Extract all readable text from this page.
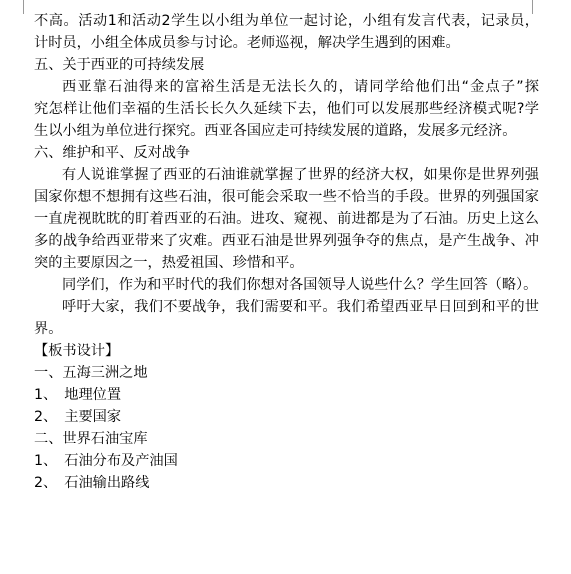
不高。活动1和活动2学生以小组为单位一起讨论，小组有发言代表，记录员，
计时员，小组全体成员参与讨论。老师巡视，解决学生遇到的困难。
五、关于西亚的可持续发展
西亚靠石油得来的富裕生活是无法长久的，请同学给他们出“金点子”探
究怎样让他们幸福的生活长长久久延续下去，他们可以发展那些经济模式呢?学
生以小组为单位进行探究。西亚各国应走可持续发展的道路，发展多元经济。
六、维护和平、反对战争
有人说谁掌握了西亚的石油谁就掌握了世界的经济大权，如果你是世界列强
国家你想不想拥有这些石油，很可能会采取一些不恰当的手段。世界的列强国家
一直虎视眈眈的盯着西亚的石油。进攻、窥视、前进都是为了石油。历史上这么
多的战争给西亚带来了灾难。西亚石油是世界列强争夺的焦点，是产生战争、冲
突的主要原因之一，热爱祖国、珍惜和平。
同学们，作为和平时代的我们你想对各国领导人说些什么？学生回答（略）。
呼吁大家，我们不要战争，我们需要和平。我们希望西亚早日回到和平的世
界。
【板书设计】
一、五海三洲之地
1、　地理位置
2、　主要国家
二、世界石油宝库
1、　石油分布及产油国
2、　石油输出路线
